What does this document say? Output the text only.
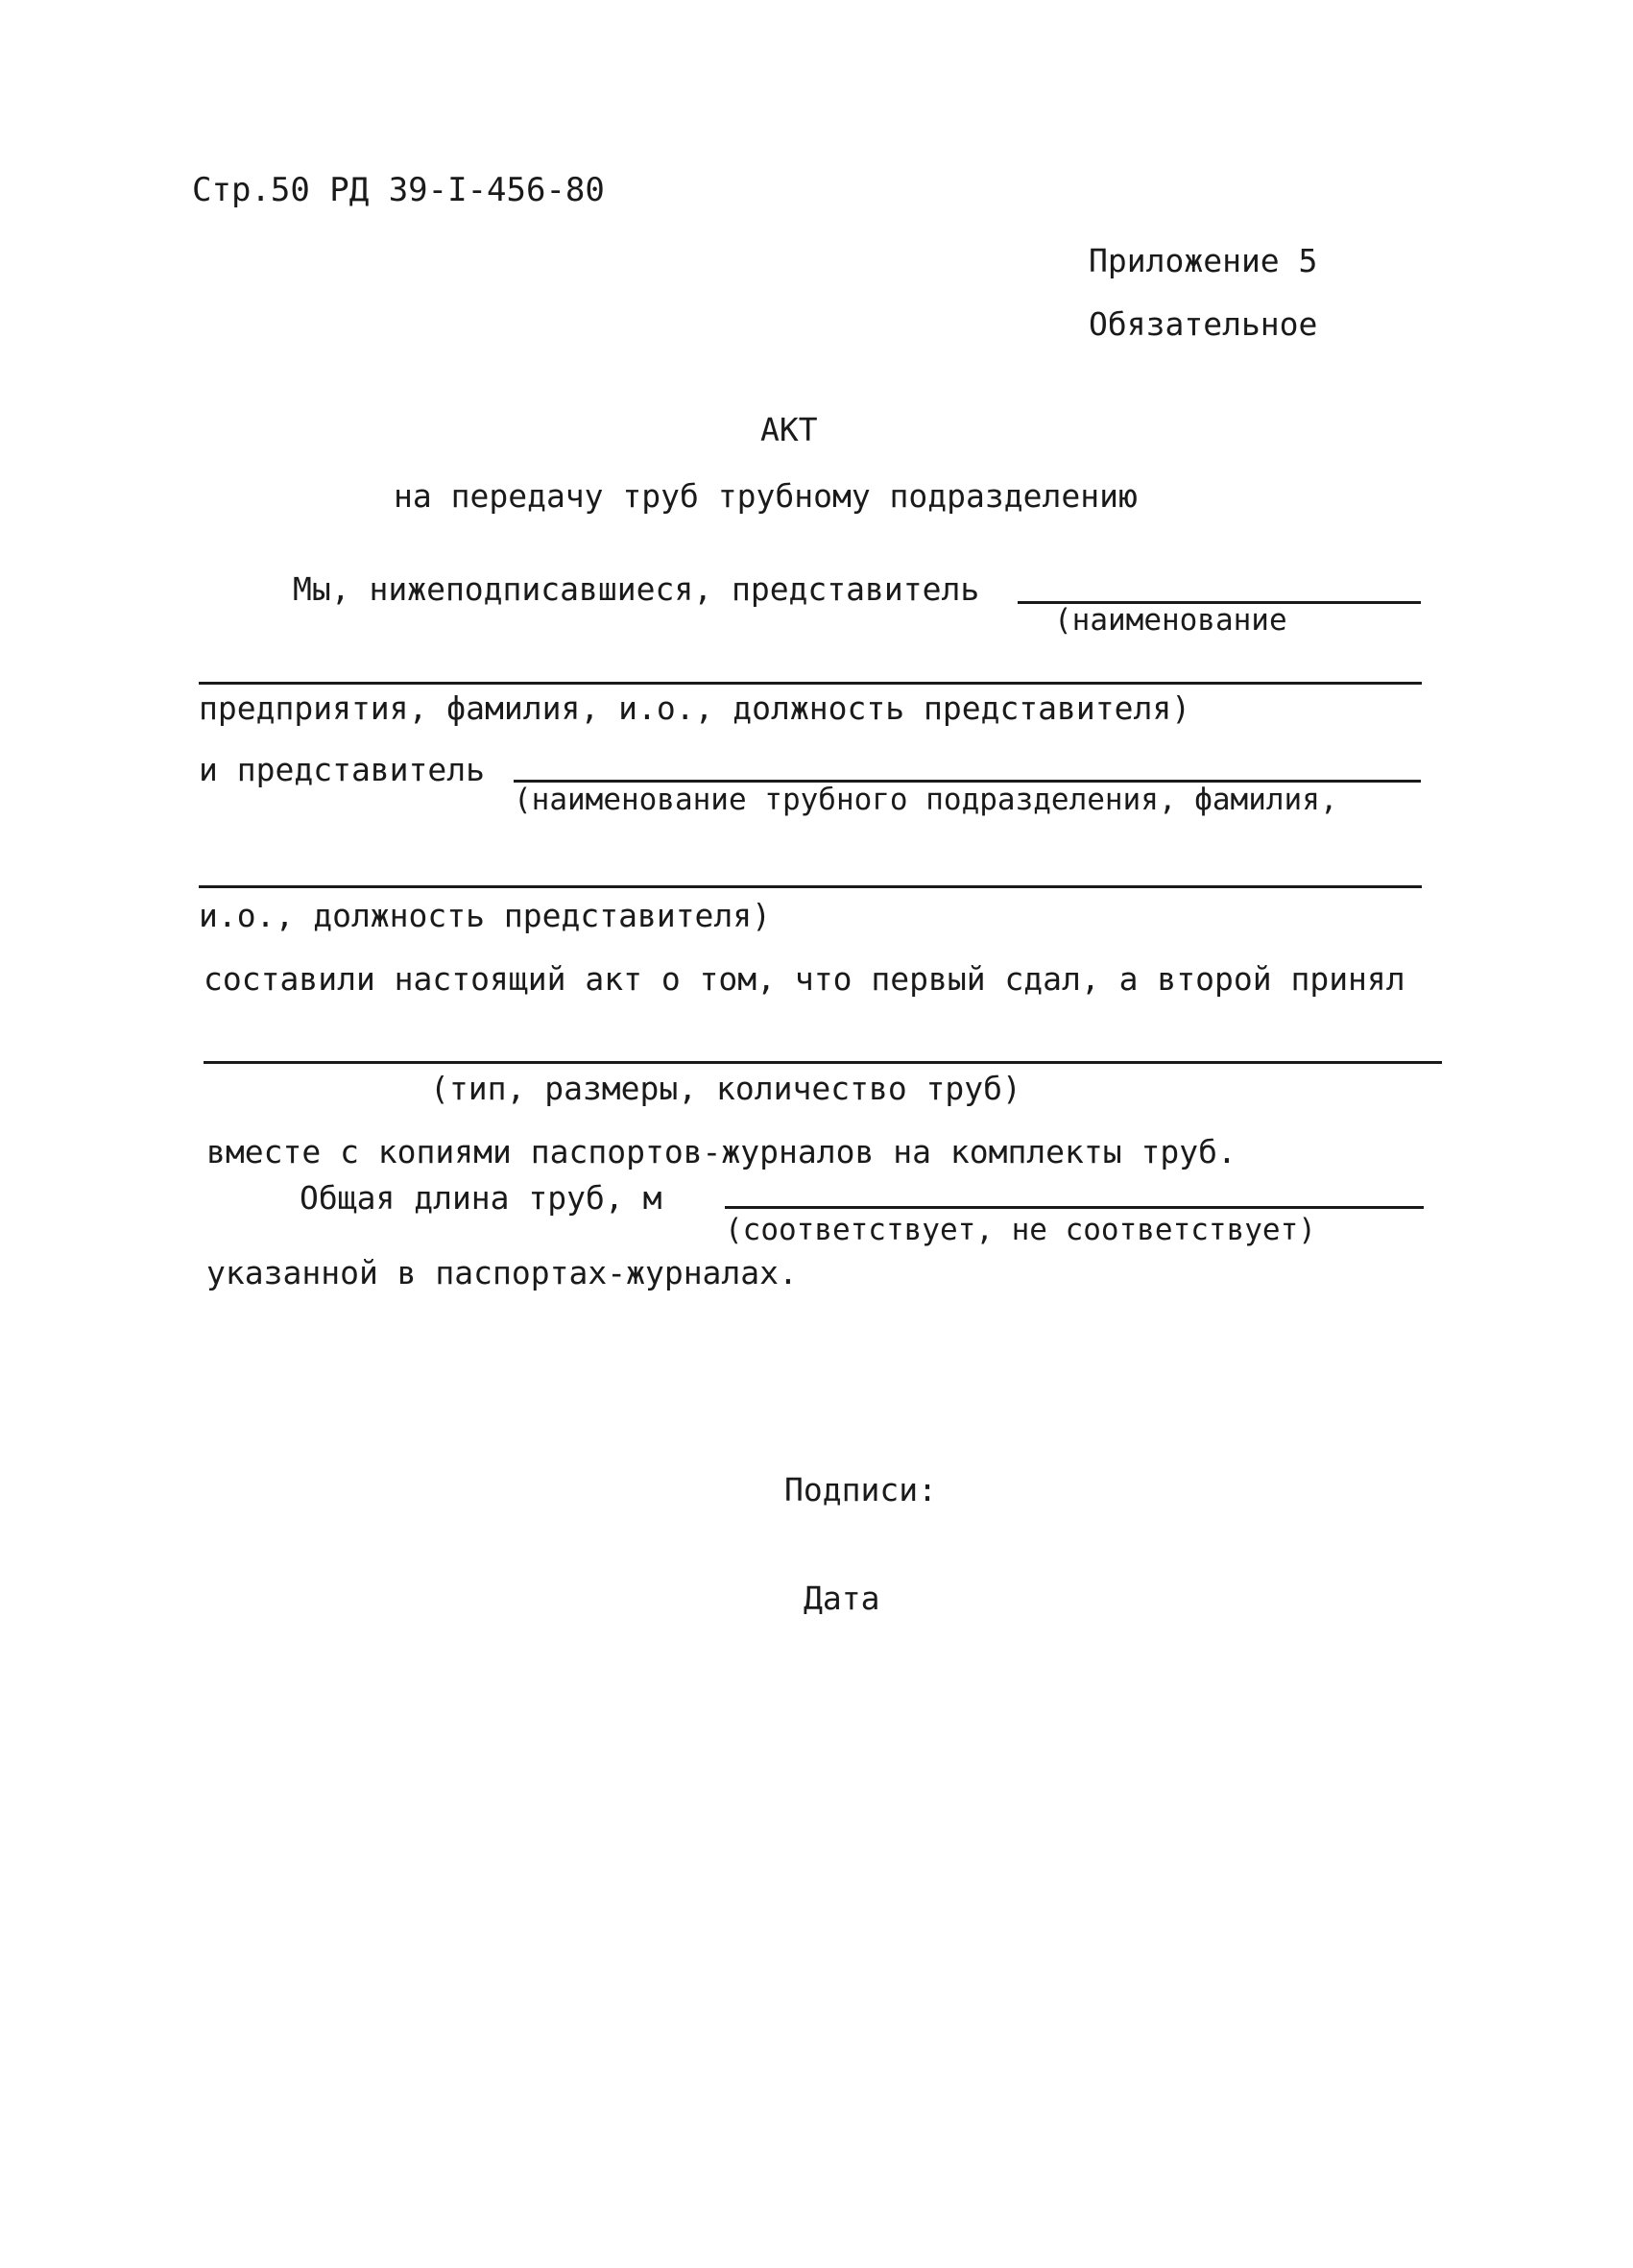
Стр.50 РД 39-I-456-80
Приложение 5
Обязательное
АКТ
на передачу труб трубному подразделению
Мы, нижеподписавшиеся, представитель
(наименование
предприятия, фамилия, и.о., должность представителя)
и представитель
(наименование трубного подразделения, фамилия,
и.о., должность представителя)
составили настоящий акт о том, что первый сдал, а второй принял
(тип, размеры, количество труб)
вместе с копиями паспортов-журналов на комплекты труб.
Общая длина труб, м
(соответствует, не соответствует)
указанной в паспортах-журналах.
Подписи:
Дата
